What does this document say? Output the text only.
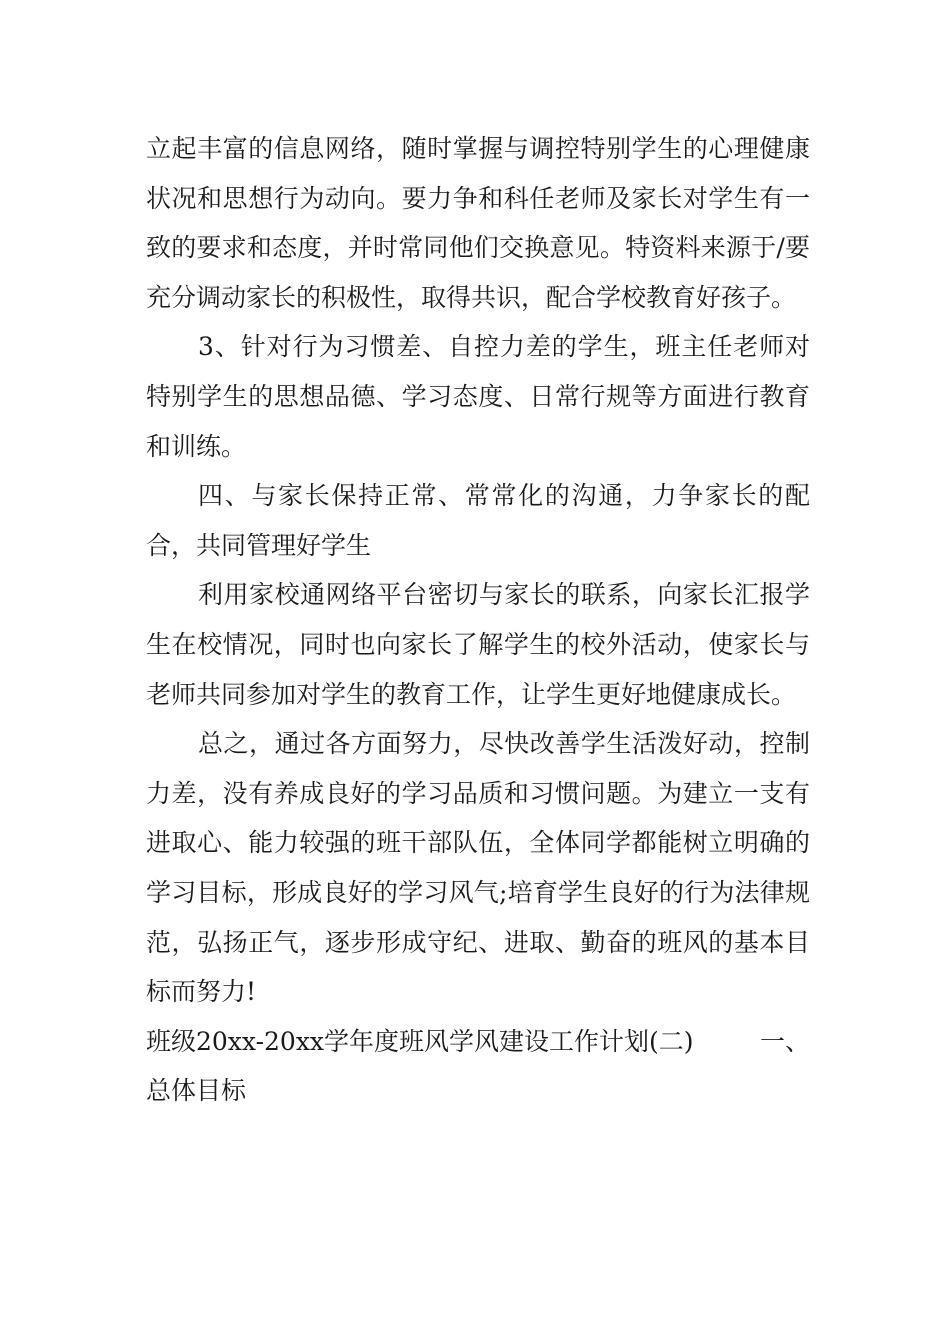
立起丰富的信息网络，随时掌握与调控特别学生的心理健康状况和思想行为动向。要力争和科任老师及家长对学生有一致的要求和态度，并时常同他们交换意见。特资料来源于/要充分调动家长的积极性，取得共识，配合学校教育好孩子。

3、针对行为习惯差、自控力差的学生，班主任老师对特别学生的思想品德、学习态度、日常行规等方面进行教育和训练。

四、与家长保持正常、常常化的沟通，力争家长的配合，共同管理好学生

利用家校通网络平台密切与家长的联系，向家长汇报学生在校情况，同时也向家长了解学生的校外活动，使家长与老师共同参加对学生的教育工作，让学生更好地健康成长。

总之，通过各方面努力，尽快改善学生活泼好动，控制力差，没有养成良好的学习品质和习惯问题。为建立一支有进取心、能力较强的班干部队伍，全体同学都能树立明确的学习目标，形成良好的学习风气;培育学生良好的行为法律规范，弘扬正气，逐步形成守纪、进取、勤奋的班风的基本目标而努力!

班级20xx-20xx学年度班风学风建设工作计划(二)	一、

总体目标
